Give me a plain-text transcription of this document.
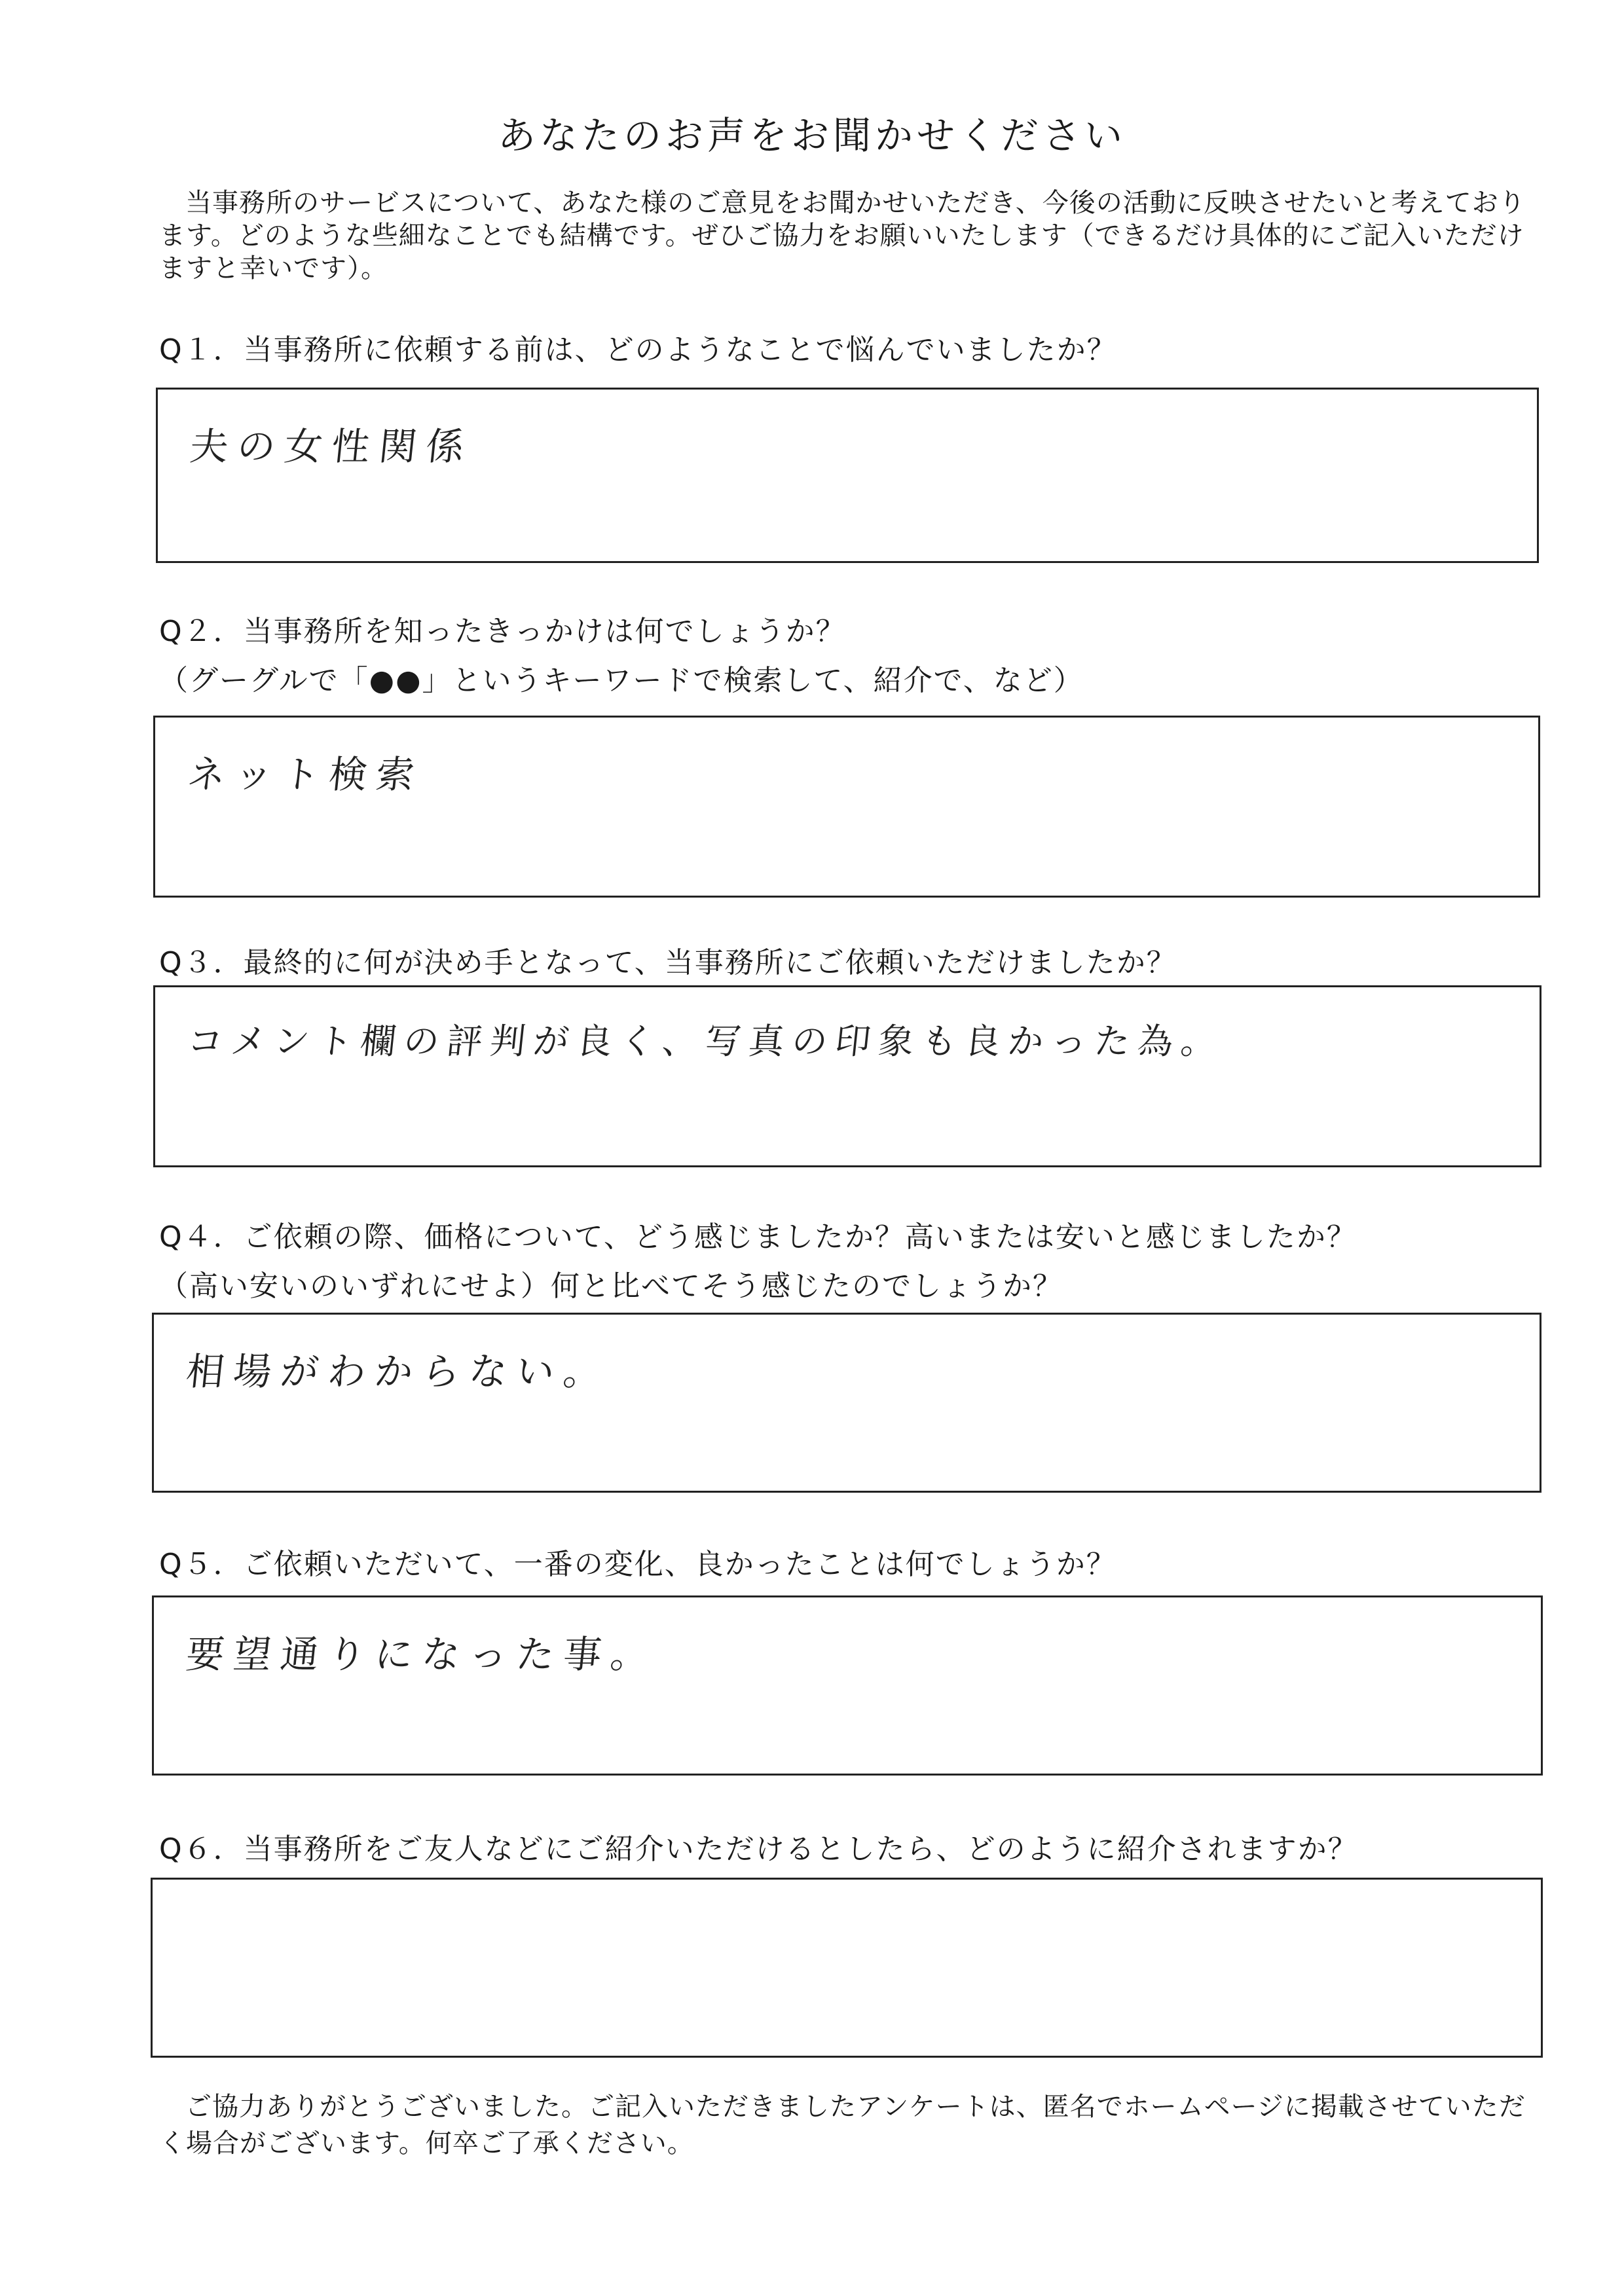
あなたのお声をお聞かせください
当事務所のサービスについて、あなた様のご意見をお聞かせいただき、今後の活動に反映させたいと考えております。どのような些細なことでも結構です。ぜひご協力をお願いいたします（できるだけ具体的にご記入いただけますと幸いです）。
Q１．当事務所に依頼する前は、どのようなことで悩んでいましたか？
夫の女性関係
Q２．当事務所を知ったきっかけは何でしょうか？
（グーグルで「●●」というキーワードで検索して、紹介で、など）
ネット検索
Q３．最終的に何が決め手となって、当事務所にご依頼いただけましたか？
コメント欄の評判が良く、写真の印象も良かった為。
Q４．ご依頼の際、価格について、どう感じましたか？高いまたは安いと感じましたか？
（高い安いのいずれにせよ）何と比べてそう感じたのでしょうか？
相場がわからない。
Q５．ご依頼いただいて、一番の変化、良かったことは何でしょうか？
要望通りになった事。
Q６．当事務所をご友人などにご紹介いただけるとしたら、どのように紹介されますか？
ご協力ありがとうございました。ご記入いただきましたアンケートは、匿名でホームページに掲載させていただく場合がございます。何卒ご了承ください。
